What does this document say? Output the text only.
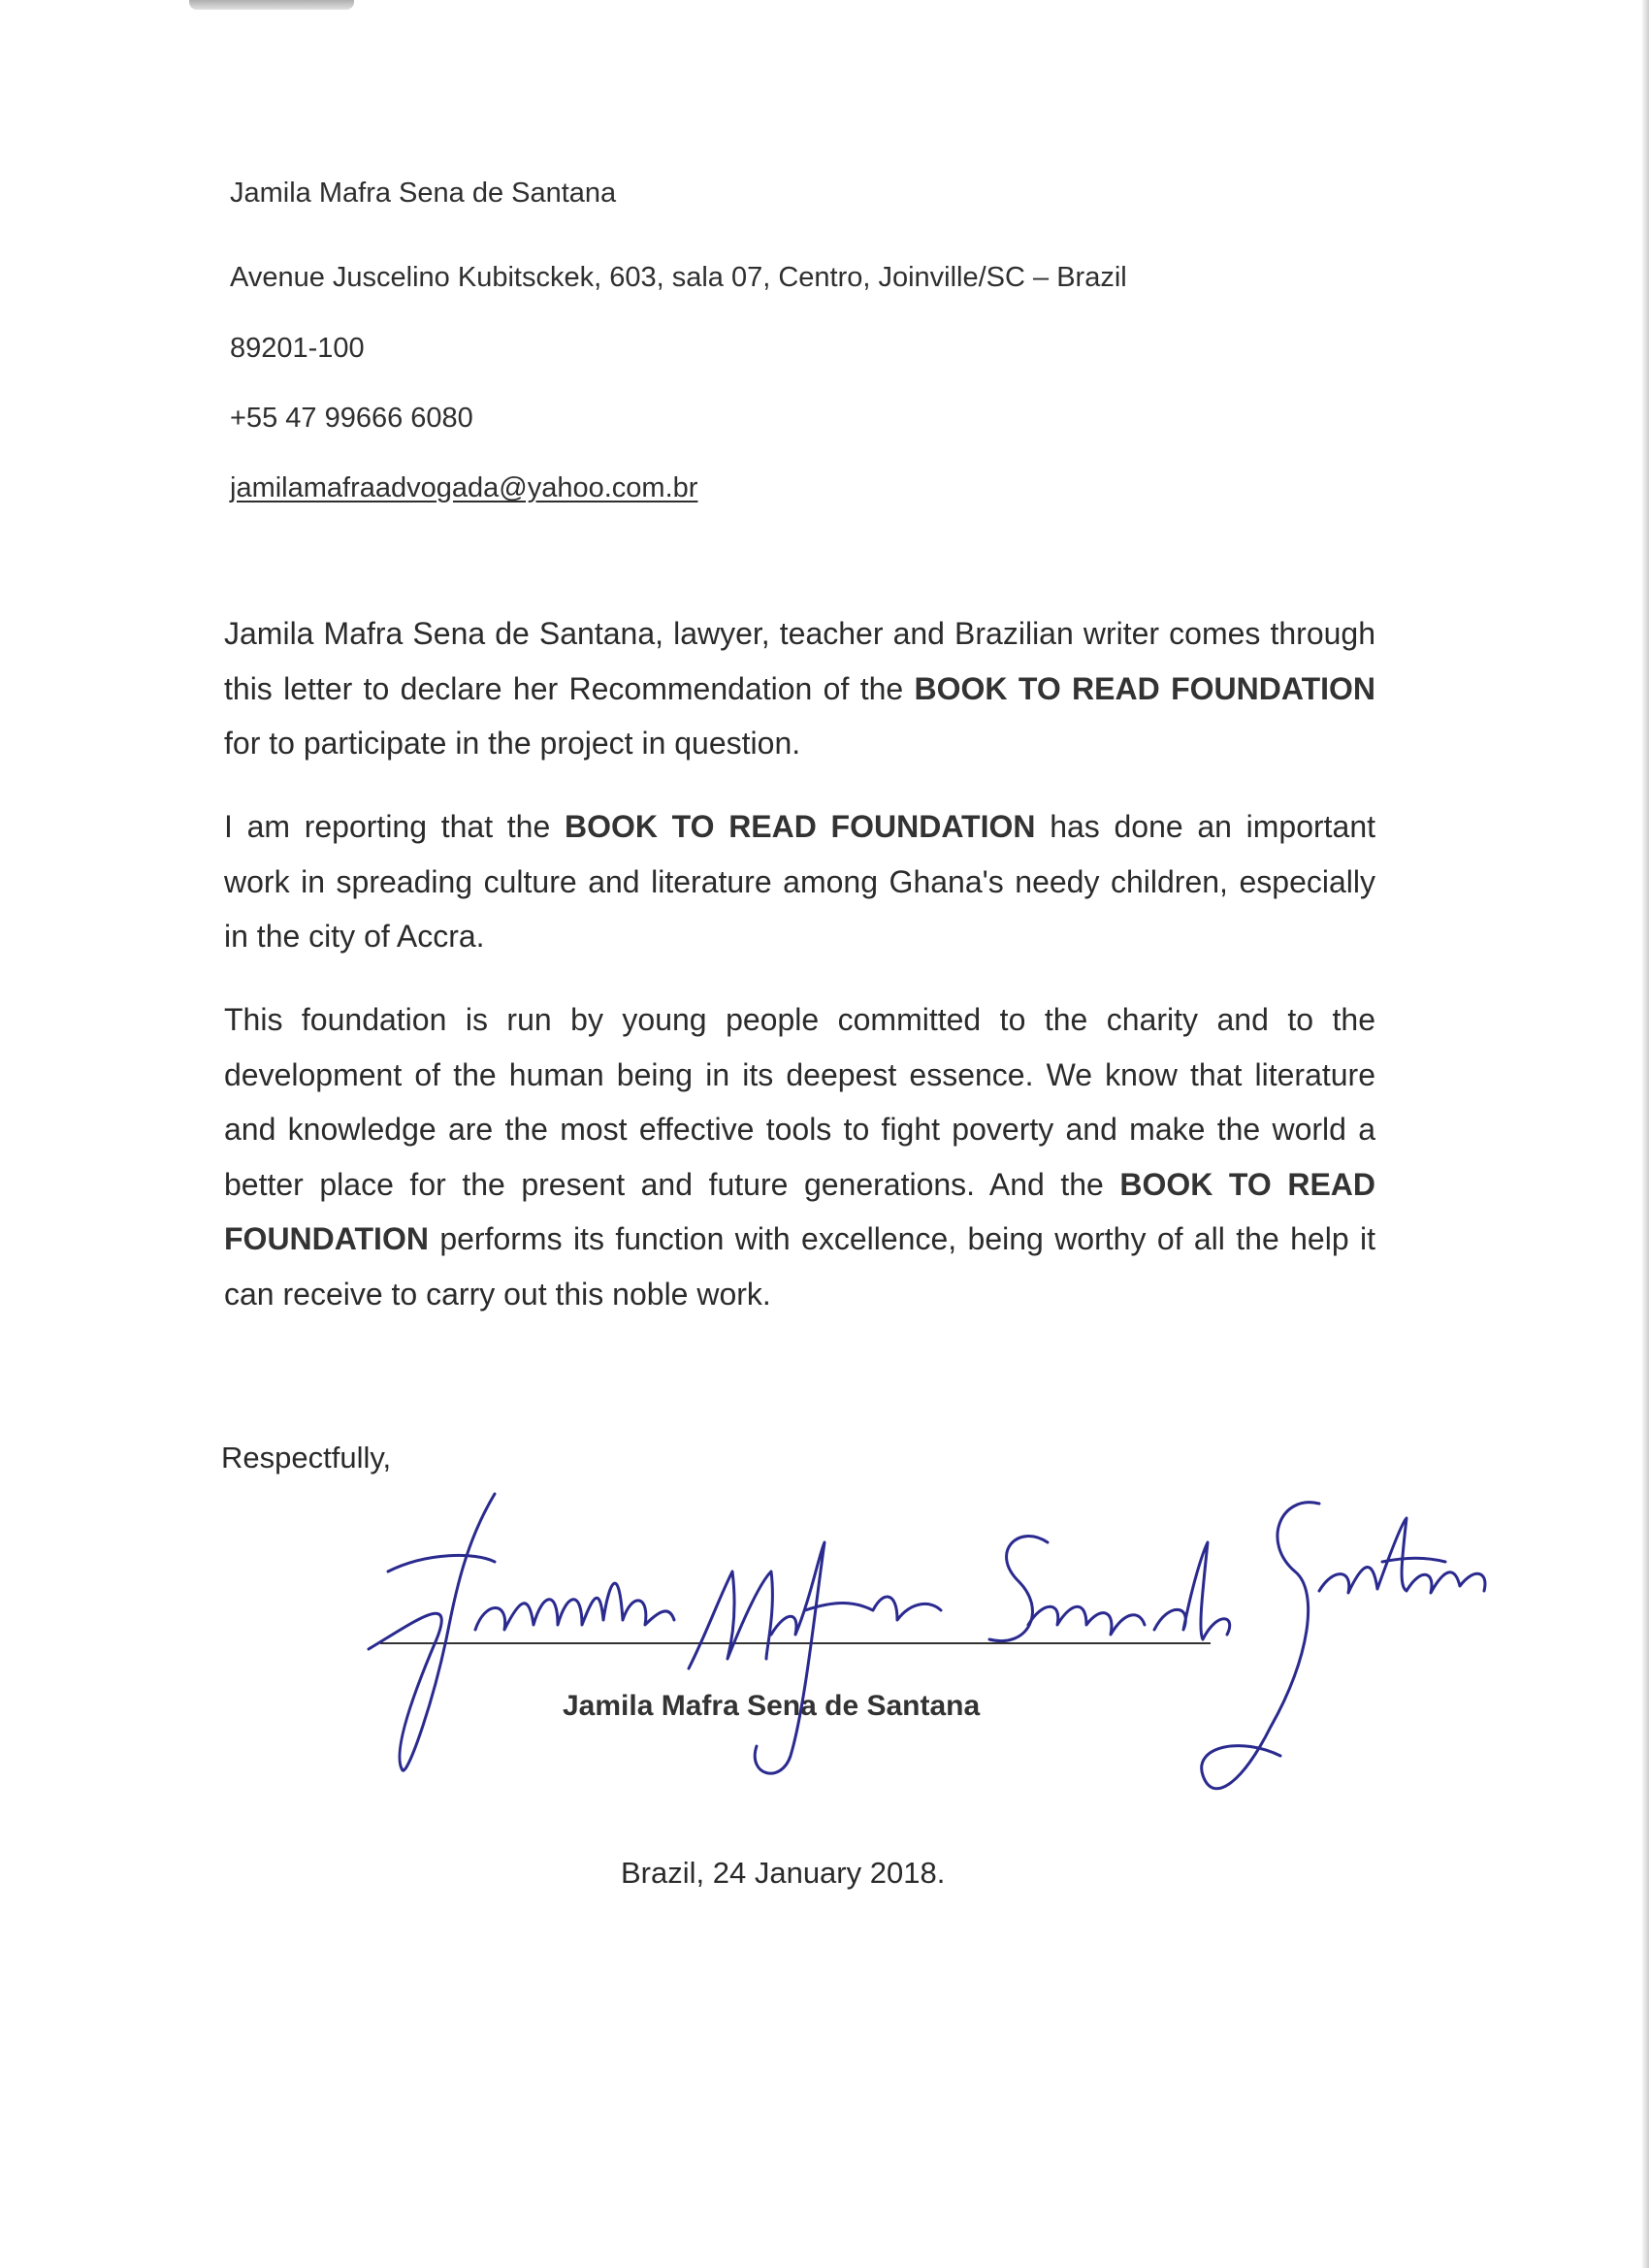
Jamila Mafra Sena de Santana
Avenue Juscelino Kubitsckek, 603, sala 07, Centro, Joinville/SC – Brazil
89201-100
+55 47 99666 6080
jamilamafraadvogada@yahoo.com.br

Jamila Mafra Sena de Santana, lawyer, teacher and Brazilian writer comes through this letter to declare her Recommendation of the BOOK TO READ FOUNDATION for to participate in the project in question.

I am reporting that the BOOK TO READ FOUNDATION has done an important work in spreading culture and literature among Ghana's needy children, especially in the city of Accra.

This foundation is run by young people committed to the charity and to the development of the human being in its deepest essence. We know that literature and knowledge are the most effective tools to fight poverty and make the world a better place for the present and future generations. And the BOOK TO READ FOUNDATION performs its function with excellence, being worthy of all the help it can receive to carry out this noble work.

Respectfully,
Jamila Mafra Sena de Santana
Brazil, 24 January 2018.
